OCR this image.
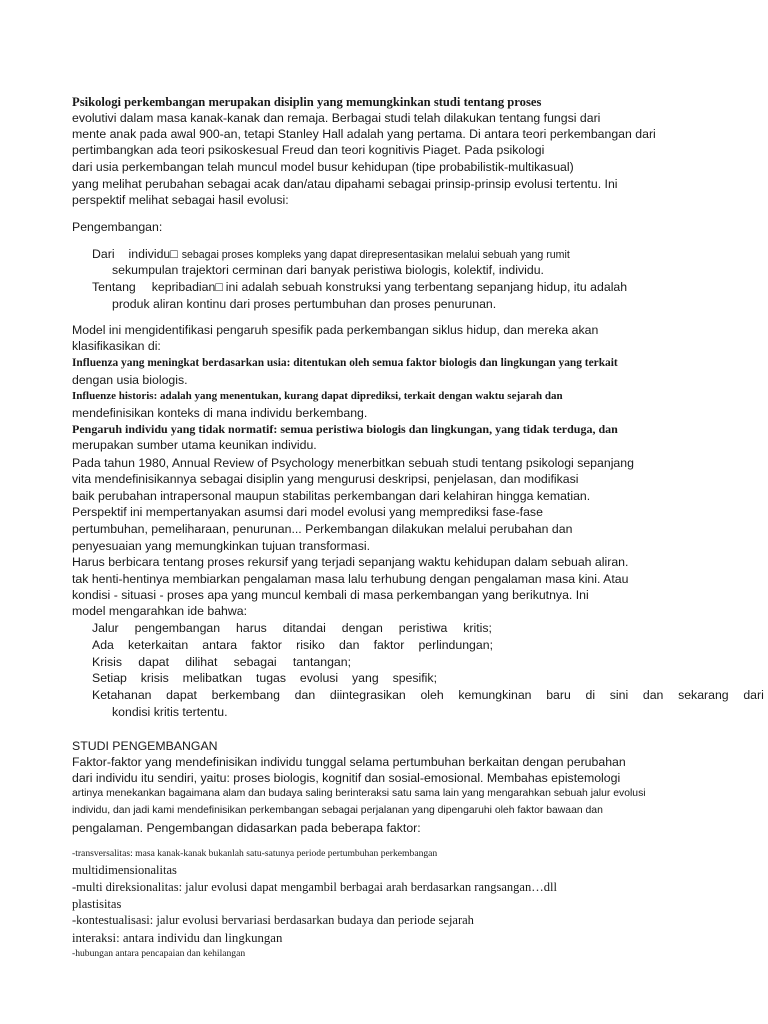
Psikologi perkembangan merupakan disiplin yang memungkinkan studi tentang proses
evolutivi dalam masa kanak-kanak dan remaja. Berbagai studi telah dilakukan tentang fungsi dari
mente anak pada awal 900-an, tetapi Stanley Hall adalah yang pertama. Di antara teori perkembangan dari
pertimbangkan ada teori psikoskesual Freud dan teori kognitivis Piaget. Pada psikologi
dari usia perkembangan telah muncul model busur kehidupan (tipe probabilistik-multikasual)
yang melihat perubahan sebagai acak dan/atau dipahami sebagai prinsip-prinsip evolusi tertentu. Ini
perspektif melihat sebagai hasil evolusi:
Pengembangan:
Dari individu□ sebagai proses kompleks yang dapat direpresentasikan melalui sebuah yang rumit
sekumpulan trajektori cerminan dari banyak peristiwa biologis, kolektif, individu.
Tentang kepribadian□ ini adalah sebuah konstruksi yang terbentang sepanjang hidup, itu adalah
produk aliran kontinu dari proses pertumbuhan dan proses penurunan.
Model ini mengidentifikasi pengaruh spesifik pada perkembangan siklus hidup, dan mereka akan
klasifikasikan di:
Influenza yang meningkat berdasarkan usia: ditentukan oleh semua faktor biologis dan lingkungan yang terkait
dengan usia biologis.
Influenze historis: adalah yang menentukan, kurang dapat diprediksi, terkait dengan waktu sejarah dan
mendefinisikan konteks di mana individu berkembang.
Pengaruh individu yang tidak normatif: semua peristiwa biologis dan lingkungan, yang tidak terduga, dan
merupakan sumber utama keunikan individu.
Pada tahun 1980, Annual Review of Psychology menerbitkan sebuah studi tentang psikologi sepanjang
vita mendefinisikannya sebagai disiplin yang mengurusi deskripsi, penjelasan, dan modifikasi
baik perubahan intrapersonal maupun stabilitas perkembangan dari kelahiran hingga kematian.
Perspektif ini mempertanyakan asumsi dari model evolusi yang memprediksi fase-fase
pertumbuhan, pemeliharaan, penurunan... Perkembangan dilakukan melalui perubahan dan
penyesuaian yang memungkinkan tujuan transformasi.
Harus berbicara tentang proses rekursif yang terjadi sepanjang waktu kehidupan dalam sebuah aliran.
tak henti-hentinya membiarkan pengalaman masa lalu terhubung dengan pengalaman masa kini. Atau
kondisi - situasi - proses apa yang muncul kembali di masa perkembangan yang berikutnya. Ini
model mengarahkan ide bahwa:
Jalur pengembangan harus ditandai dengan peristiwa kritis;
Ada keterkaitan antara faktor risiko dan faktor perlindungan;
Krisis dapat dilihat sebagai tantangan;
Setiap krisis melibatkan tugas evolusi yang spesifik;
Ketahanan dapat berkembang dan diintegrasikan oleh kemungkinan baru di sini dan sekarang dari
kondisi kritis tertentu.
STUDI PENGEMBANGAN
Faktor-faktor yang mendefinisikan individu tunggal selama pertumbuhan berkaitan dengan perubahan
dari individu itu sendiri, yaitu: proses biologis, kognitif dan sosial-emosional. Membahas epistemologi
artinya menekankan bagaimana alam dan budaya saling berinteraksi satu sama lain yang mengarahkan sebuah jalur evolusi
individu, dan jadi kami mendefinisikan perkembangan sebagai perjalanan yang dipengaruhi oleh faktor bawaan dan
pengalaman. Pengembangan didasarkan pada beberapa faktor:
-transversalitas: masa kanak-kanak bukanlah satu-satunya periode pertumbuhan perkembangan
multidimensionalitas
-multi direksionalitas: jalur evolusi dapat mengambil berbagai arah berdasarkan rangsangan…dll
plastisitas
-kontestualisasi: jalur evolusi bervariasi berdasarkan budaya dan periode sejarah
interaksi: antara individu dan lingkungan
-hubungan antara pencapaian dan kehilangan
